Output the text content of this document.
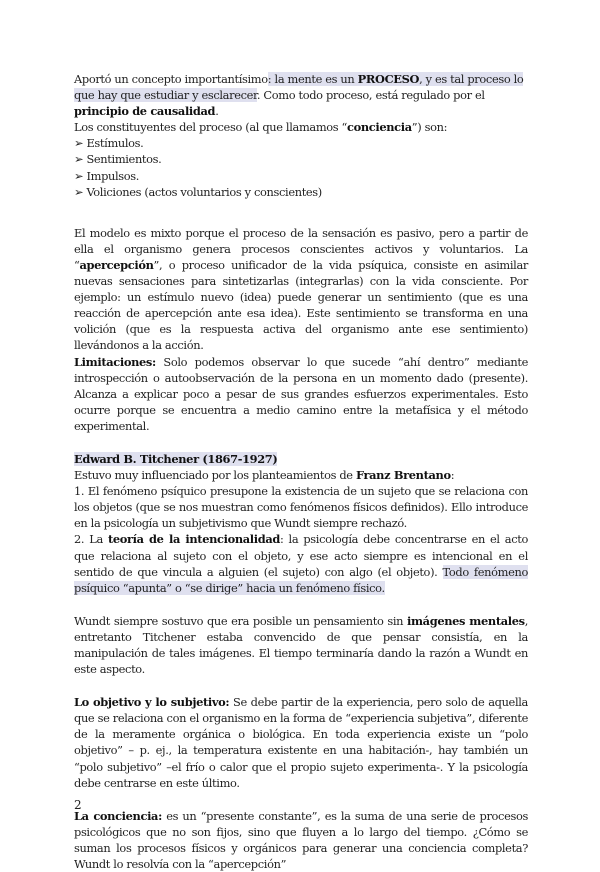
Aportó un concepto importantísimo: la mente es un PROCESO, y es tal proceso lo que hay que estudiar y esclarecer. Como todo proceso, está regulado por el principio de causalidad.
Los constituyentes del proceso (al que llamamos “conciencia”) son:

➢ Estímulos.

➢ Sentimientos.

➢ Impulsos.

➢ Voliciones (actos voluntarios y conscientes)

El modelo es mixto porque el proceso de la sensación es pasivo, pero a partir de ella el organismo genera procesos conscientes activos y voluntarios. La “apercepción”, o proceso unificador de la vida psíquica, consiste en asimilar nuevas sensaciones para sintetizarlas (integrarlas) con la vida consciente. Por ejemplo: un estímulo nuevo (idea) puede generar un sentimiento (que es una reacción de apercepción ante esa idea). Este sentimiento se transforma en una volición (que es la respuesta activa del organismo ante ese sentimiento) llevándonos a la acción.

Limitaciones: Solo podemos observar lo que sucede “ahí dentro” mediante introspección o autoobservación de la persona en un momento dado (presente). Alcanza a explicar poco a pesar de sus grandes esfuerzos experimentales. Esto ocurre porque se encuentra a medio camino entre la metafísica y el método experimental.

Edward B. Titchener (1867-1927)

Estuvo muy influenciado por los planteamientos de Franz Brentano:

1. El fenómeno psíquico presupone la existencia de un sujeto que se relaciona con los objetos (que se nos muestran como fenómenos físicos definidos). Ello introduce en la psicología un subjetivismo que Wundt siempre rechazó.

2. La teoría de la intencionalidad: la psicología debe concentrarse en el acto que relaciona al sujeto con el objeto, y ese acto siempre es intencional en el sentido de que vincula a alguien (el sujeto) con algo (el objeto). Todo fenómeno psíquico “apunta” o “se dirige” hacia un fenómeno físico.

Wundt siempre sostuvo que era posible un pensamiento sin imágenes mentales, entretanto Titchener estaba convencido de que pensar consistía, en la manipulación de tales imágenes. El tiempo terminaría dando la razón a Wundt en este aspecto.

Lo objetivo y lo subjetivo: Se debe partir de la experiencia, pero solo de aquella que se relaciona con el organismo en la forma de “experiencia subjetiva”, diferente de la meramente orgánica o biológica. En toda experiencia existe un “polo objetivo” – p. ej., la temperatura existente en una habitación-, hay también un “polo subjetivo” –el frío o calor que el propio sujeto experimenta-. Y la psicología debe centrarse en este último.

La conciencia: es un “presente constante”, es la suma de una serie de procesos psicológicos que no son fijos, sino que fluyen a lo largo del tiempo. ¿Cómo se suman los procesos físicos y orgánicos para generar una conciencia completa? Wundt lo resolvía con la “apercepción”

2
